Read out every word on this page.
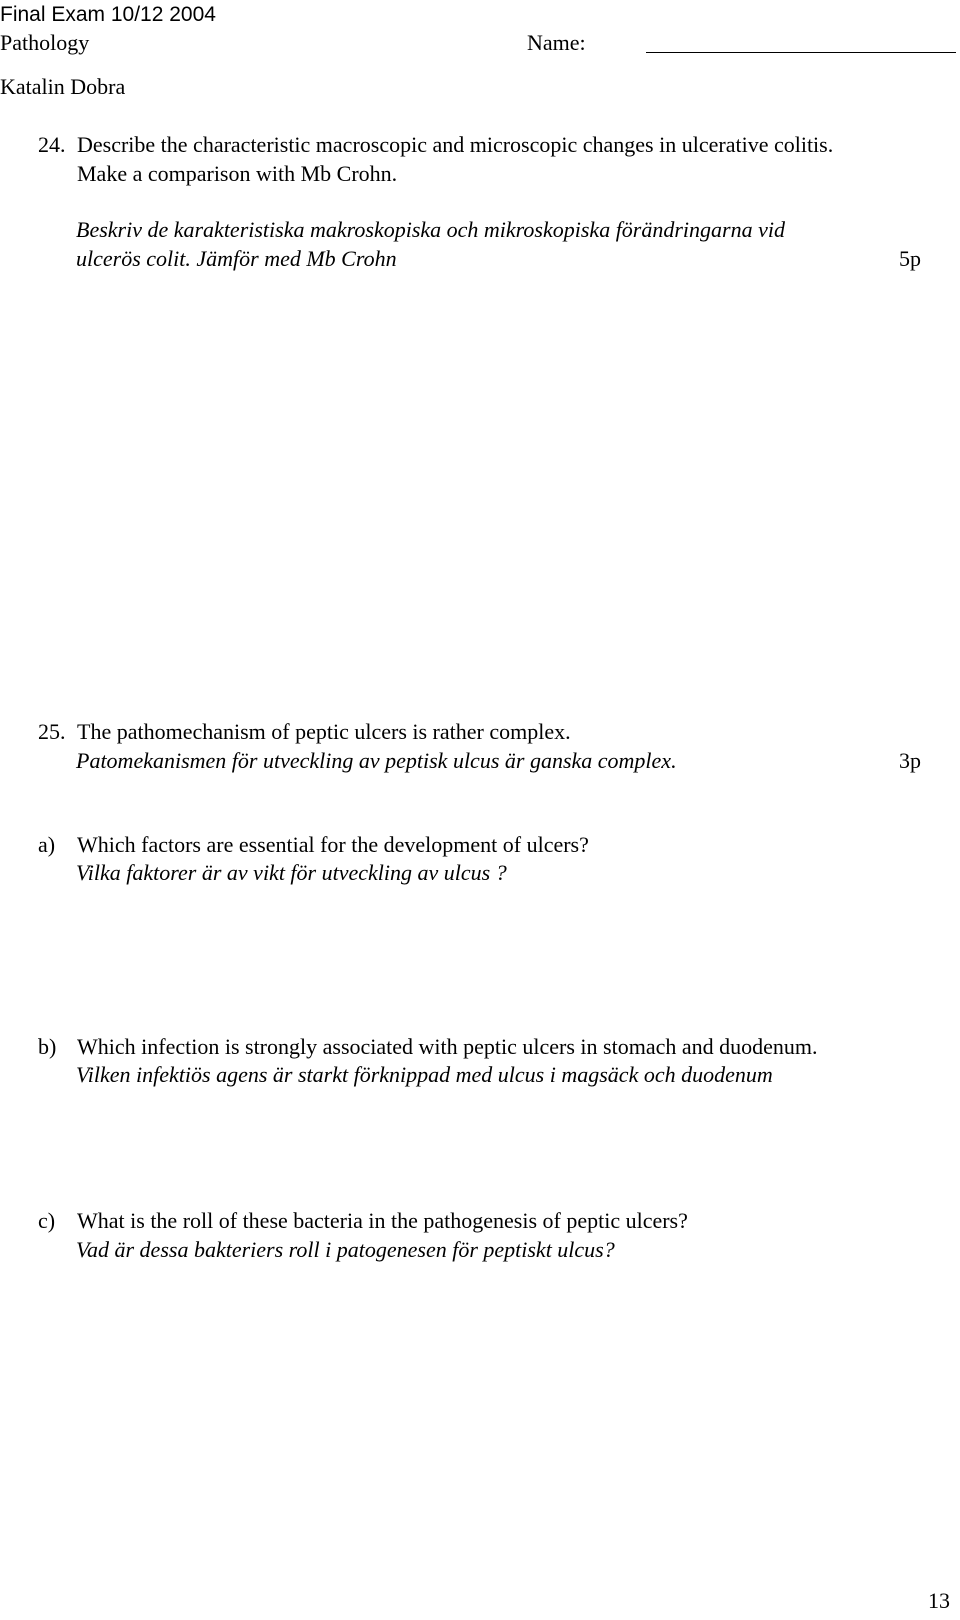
Final Exam 10/12 2004
Pathology	Name:
Katalin Dobra
24. Describe the characteristic macroscopic and microscopic changes in ulcerative colitis.
Make a comparison with Mb Crohn.
Beskriv de karakteristiska makroskopiska och mikroskopiska förändringarna vid
ulcerös colit. Jämför med Mb Crohn	5p
25. The pathomechanism of peptic ulcers is rather complex.
Patomekanismen för utveckling av peptisk ulcus är ganska complex.	3p
a) Which factors are essential for the development of ulcers?
Vilka faktorer är av vikt för utveckling av ulcus ?
b) Which infection is strongly associated with peptic ulcers in stomach and duodenum.
Vilken infektiös agens är starkt förknippad med ulcus i magsäck och duodenum
c) What is the roll of these bacteria in the pathogenesis of peptic ulcers?
Vad är dessa bakteriers roll i patogenesen för peptiskt ulcus?
13
